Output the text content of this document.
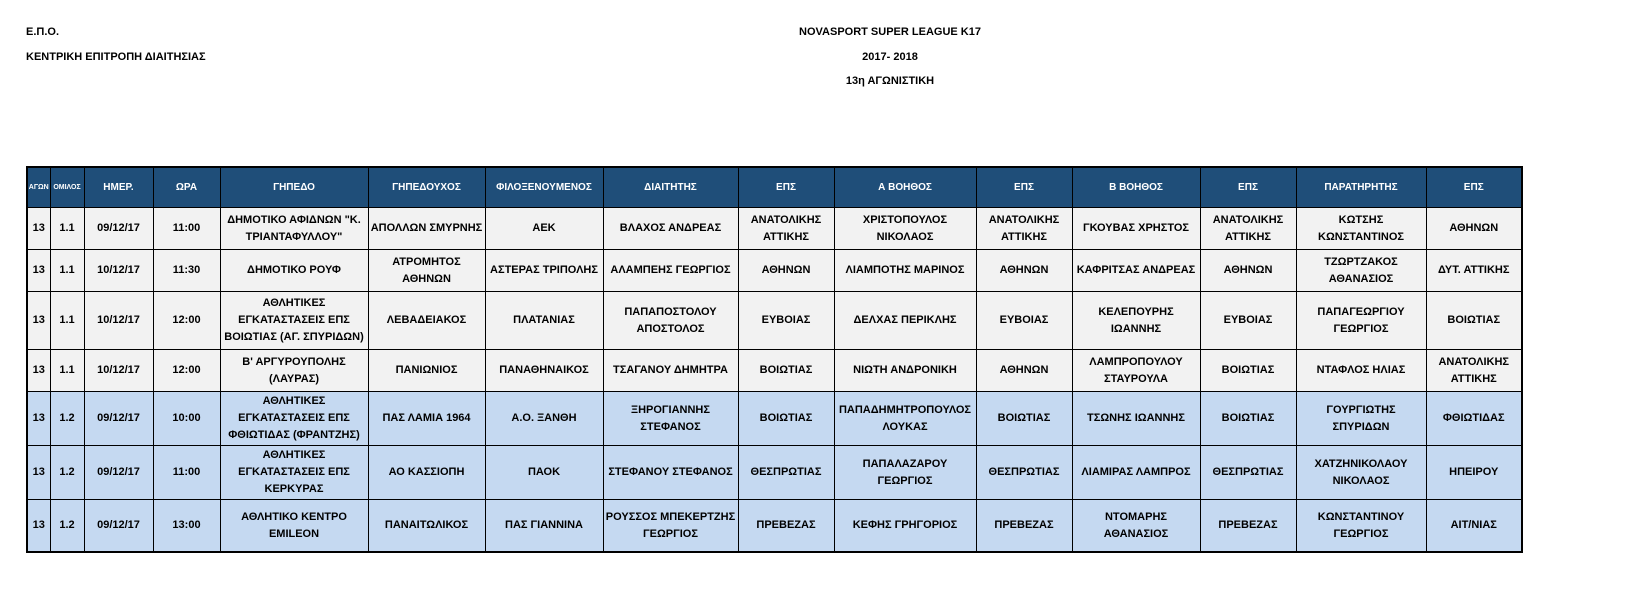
Ε.Π.Ο.
ΚΕΝΤΡΙΚΗ ΕΠΙΤΡΟΠΗ ΔΙΑΙΤΗΣΙΑΣ
NOVASPORT SUPER LEAGUE K17
2017- 2018
13η ΑΓΩΝΙΣΤΙΚΗ
ΑΓΩΝ	ΟΜΙΛΟΣ	ΗΜΕΡ.	ΩΡΑ	ΓΗΠΕΔΟ	ΓΗΠΕΔΟΥΧΟΣ	ΦΙΛΟΞΕΝΟΥΜΕΝΟΣ	ΔΙΑΙΤΗΤΗΣ	ΕΠΣ	Α ΒΟΗΘΟΣ	ΕΠΣ	Β ΒΟΗΘΟΣ	ΕΠΣ	ΠΑΡΑΤΗΡΗΤΗΣ	ΕΠΣ
13	1.1	09/12/17	11:00	ΔΗΜΟΤΙΚΟ ΑΦΙΔΝΩΝ "Κ. ΤΡΙΑΝΤΑΦΥΛΛΟΥ"	ΑΠΟΛΛΩΝ ΣΜΥΡΝΗΣ	ΑΕΚ	ΒΛΑΧΟΣ ΑΝΔΡΕΑΣ	ΑΝΑΤΟΛΙΚΗΣ ΑΤΤΙΚΗΣ	ΧΡΙΣΤΟΠΟΥΛΟΣ ΝΙΚΟΛΑΟΣ	ΑΝΑΤΟΛΙΚΗΣ ΑΤΤΙΚΗΣ	ΓΚΟΥΒΑΣ ΧΡΗΣΤΟΣ	ΑΝΑΤΟΛΙΚΗΣ ΑΤΤΙΚΗΣ	ΚΩΤΣΗΣ ΚΩΝΣΤΑΝΤΙΝΟΣ	ΑΘΗΝΩΝ
13	1.1	10/12/17	11:30	ΔΗΜΟΤΙΚΟ ΡΟΥΦ	ΑΤΡΟΜΗΤΟΣ ΑΘΗΝΩΝ	ΑΣΤΕΡΑΣ ΤΡΙΠΟΛΗΣ	ΑΛΑΜΠΕΗΣ ΓΕΩΡΓΙΟΣ	ΑΘΗΝΩΝ	ΛΙΑΜΠΟΤΗΣ ΜΑΡΙΝΟΣ	ΑΘΗΝΩΝ	ΚΑΦΡΙΤΣΑΣ ΑΝΔΡΕΑΣ	ΑΘΗΝΩΝ	ΤΖΩΡΤΖΑΚΟΣ ΑΘΑΝΑΣΙΟΣ	ΔΥΤ. ΑΤΤΙΚΗΣ
13	1.1	10/12/17	12:00	ΑΘΛΗΤΙΚΕΣ ΕΓΚΑΤΑΣΤΑΣΕΙΣ ΕΠΣ ΒΟΙΩΤΙΑΣ (ΑΓ. ΣΠΥΡΙΔΩΝ)	ΛΕΒΑΔΕΙΑΚΟΣ	ΠΛΑΤΑΝΙΑΣ	ΠΑΠΑΠΟΣΤΟΛΟΥ ΑΠΟΣΤΟΛΟΣ	ΕΥΒΟΙΑΣ	ΔΕΛΧΑΣ ΠΕΡΙΚΛΗΣ	ΕΥΒΟΙΑΣ	ΚΕΛΕΠΟΥΡΗΣ ΙΩΑΝΝΗΣ	ΕΥΒΟΙΑΣ	ΠΑΠΑΓΕΩΡΓΙΟΥ ΓΕΩΡΓΙΟΣ	ΒΟΙΩΤΙΑΣ
13	1.1	10/12/17	12:00	Β' ΑΡΓΥΡΟΥΠΟΛΗΣ (ΛΑΥΡΑΣ)	ΠΑΝΙΩΝΙΟΣ	ΠΑΝΑΘΗΝΑΙΚΟΣ	ΤΣΑΓΑΝΟΥ ΔΗΜΗΤΡΑ	ΒΟΙΩΤΙΑΣ	ΝΙΩΤΗ ΑΝΔΡΟΝΙΚΗ	ΑΘΗΝΩΝ	ΛΑΜΠΡΟΠΟΥΛΟΥ ΣΤΑΥΡΟΥΛΑ	ΒΟΙΩΤΙΑΣ	ΝΤΑΦΛΟΣ ΗΛΙΑΣ	ΑΝΑΤΟΛΙΚΗΣ ΑΤΤΙΚΗΣ
13	1.2	09/12/17	10:00	ΑΘΛΗΤΙΚΕΣ ΕΓΚΑΤΑΣΤΑΣΕΙΣ ΕΠΣ ΦΘΙΩΤΙΔΑΣ (ΦΡΑΝΤΖΗΣ)	ΠΑΣ ΛΑΜΙΑ 1964	Α.Ο. ΞΑΝΘΗ	ΞΗΡΟΓΙΑΝΝΗΣ ΣΤΕΦΑΝΟΣ	ΒΟΙΩΤΙΑΣ	ΠΑΠΑΔΗΜΗΤΡΟΠΟΥΛΟΣ ΛΟΥΚΑΣ	ΒΟΙΩΤΙΑΣ	ΤΣΩΝΗΣ ΙΩΑΝΝΗΣ	ΒΟΙΩΤΙΑΣ	ΓΟΥΡΓΙΩΤΗΣ ΣΠΥΡΙΔΩΝ	ΦΘΙΩΤΙΔΑΣ
13	1.2	09/12/17	11:00	ΑΘΛΗΤΙΚΕΣ ΕΓΚΑΤΑΣΤΑΣΕΙΣ ΕΠΣ ΚΕΡΚΥΡΑΣ	ΑΟ ΚΑΣΣΙΟΠΗ	ΠΑΟΚ	ΣΤΕΦΑΝΟΥ ΣΤΕΦΑΝΟΣ	ΘΕΣΠΡΩΤΙΑΣ	ΠΑΠΑΛΑΖΑΡΟΥ ΓΕΩΡΓΙΟΣ	ΘΕΣΠΡΩΤΙΑΣ	ΛΙΑΜΙΡΑΣ ΛΑΜΠΡΟΣ	ΘΕΣΠΡΩΤΙΑΣ	ΧΑΤΖΗΝΙΚΟΛΑΟΥ ΝΙΚΟΛΑΟΣ	ΗΠΕΙΡΟΥ
13	1.2	09/12/17	13:00	ΑΘΛΗΤΙΚΟ ΚΕΝΤΡΟ EMILEON	ΠΑΝΑΙΤΩΛΙΚΟΣ	ΠΑΣ ΓΙΑΝΝΙΝΑ	ΡΟΥΣΣΟΣ ΜΠΕΚΕΡΤΖΗΣ ΓΕΩΡΓΙΟΣ	ΠΡΕΒΕΖΑΣ	ΚΕΦΗΣ ΓΡΗΓΟΡΙΟΣ	ΠΡΕΒΕΖΑΣ	ΝΤΟΜΑΡΗΣ ΑΘΑΝΑΣΙΟΣ	ΠΡΕΒΕΖΑΣ	ΚΩΝΣΤΑΝΤΙΝΟΥ ΓΕΩΡΓΙΟΣ	ΑΙΤ/ΝΙΑΣ
